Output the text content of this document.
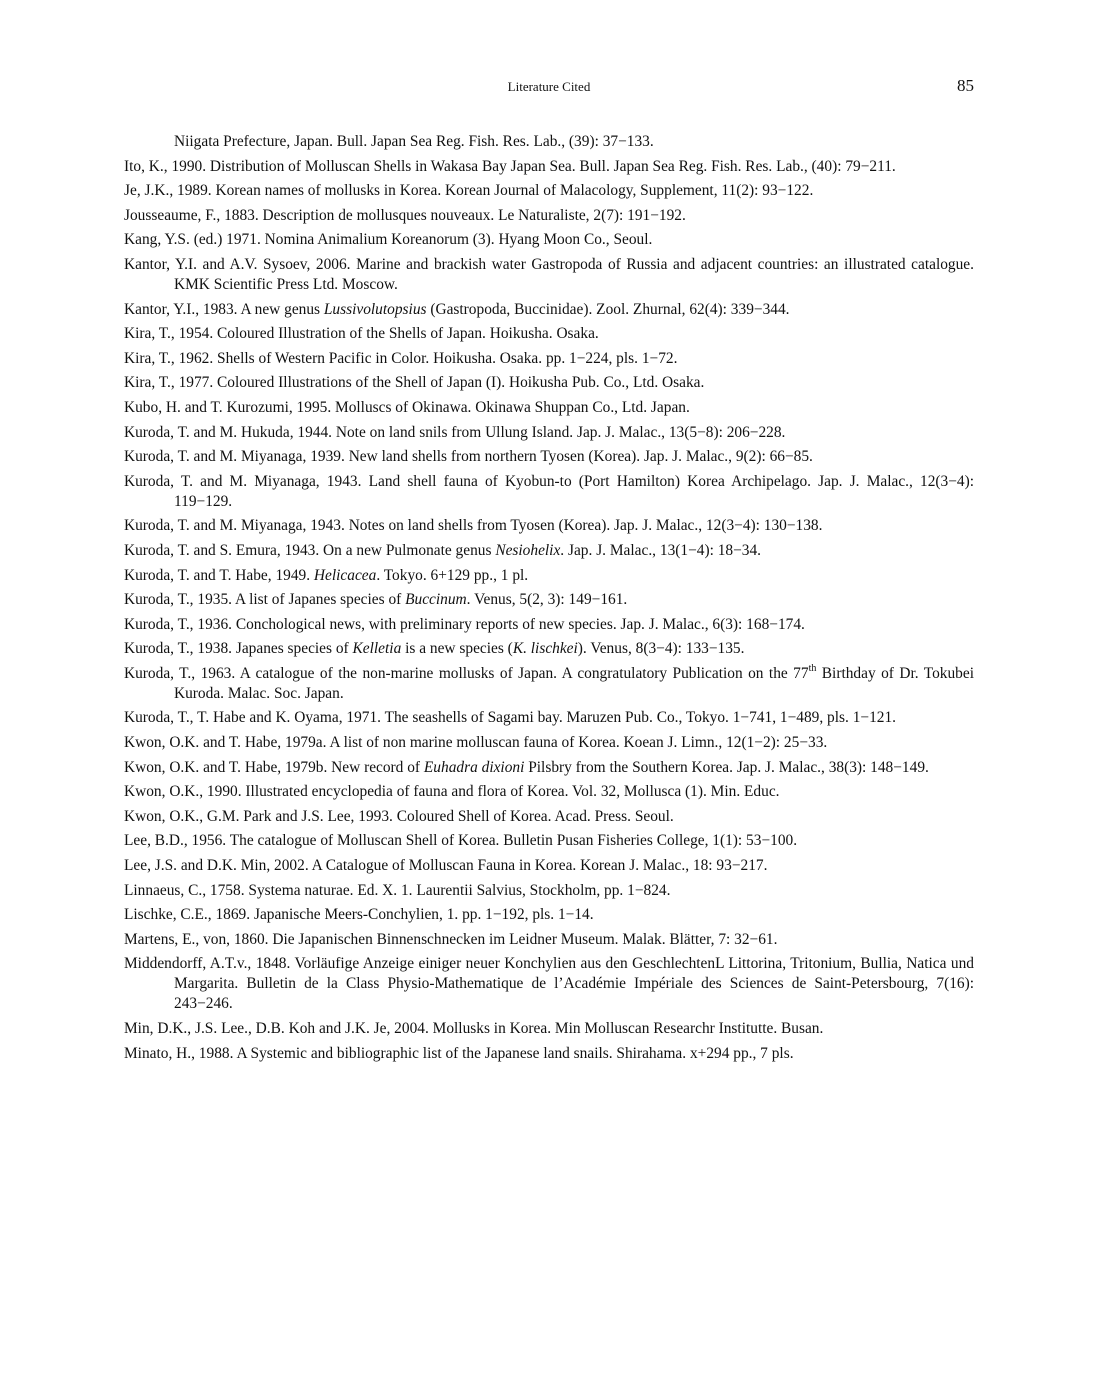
Literature Cited	85

Niigata Prefecture, Japan. Bull. Japan Sea Reg. Fish. Res. Lab., (39): 37−133.

Ito, K., 1990. Distribution of Molluscan Shells in Wakasa Bay Japan Sea. Bull. Japan Sea Reg. Fish. Res. Lab., (40): 79−211.

Je, J.K., 1989. Korean names of mollusks in Korea. Korean Journal of Malacology, Supplement, 11(2): 93−122.

Jousseaume, F., 1883. Description de mollusques nouveaux. Le Naturaliste, 2(7): 191−192.

Kang, Y.S. (ed.) 1971. Nomina Animalium Koreanorum (3). Hyang Moon Co., Seoul.

Kantor, Y.I. and A.V. Sysoev, 2006. Marine and brackish water Gastropoda of Russia and adjacent countries: an illustrated catalogue. KMK Scientific Press Ltd. Moscow.

Kantor, Y.I., 1983. A new genus Lussivolutopsius (Gastropoda, Buccinidae). Zool. Zhurnal, 62(4): 339−344.

Kira, T., 1954. Coloured Illustration of the Shells of Japan. Hoikusha. Osaka.

Kira, T., 1962. Shells of Western Pacific in Color. Hoikusha. Osaka. pp. 1−224, pls. 1−72.

Kira, T., 1977. Coloured Illustrations of the Shell of Japan (I). Hoikusha Pub. Co., Ltd. Osaka.

Kubo, H. and T. Kurozumi, 1995. Molluscs of Okinawa. Okinawa Shuppan Co., Ltd. Japan.

Kuroda, T. and M. Hukuda, 1944. Note on land snils from Ullung Island. Jap. J. Malac., 13(5−8): 206−228.

Kuroda, T. and M. Miyanaga, 1939. New land shells from northern Tyosen (Korea). Jap. J. Malac., 9(2): 66−85.

Kuroda, T. and M. Miyanaga, 1943. Land shell fauna of Kyobun-to (Port Hamilton) Korea Archipelago. Jap. J. Malac., 12(3−4): 119−129.

Kuroda, T. and M. Miyanaga, 1943. Notes on land shells from Tyosen (Korea). Jap. J. Malac., 12(3−4): 130−138.

Kuroda, T. and S. Emura, 1943. On a new Pulmonate genus Nesiohelix. Jap. J. Malac., 13(1−4): 18−34.

Kuroda, T. and T. Habe, 1949. Helicacea. Tokyo. 6+129 pp., 1 pl.

Kuroda, T., 1935. A list of Japanes species of Buccinum. Venus, 5(2, 3): 149−161.

Kuroda, T., 1936. Conchological news, with preliminary reports of new species. Jap. J. Malac., 6(3): 168−174.

Kuroda, T., 1938. Japanes species of Kelletia is a new species (K. lischkei). Venus, 8(3−4): 133−135.

Kuroda, T., 1963. A catalogue of the non-marine mollusks of Japan. A congratulatory Publication on the 77th Birthday of Dr. Tokubei Kuroda. Malac. Soc. Japan.

Kuroda, T., T. Habe and K. Oyama, 1971. The seashells of Sagami bay. Maruzen Pub. Co., Tokyo. 1−741, 1−489, pls. 1−121.

Kwon, O.K. and T. Habe, 1979a. A list of non marine molluscan fauna of Korea. Koean J. Limn., 12(1−2): 25−33.

Kwon, O.K. and T. Habe, 1979b. New record of Euhadra dixioni Pilsbry from the Southern Korea. Jap. J. Malac., 38(3): 148−149.

Kwon, O.K., 1990. Illustrated encyclopedia of fauna and flora of Korea. Vol. 32, Mollusca (1). Min. Educ.

Kwon, O.K., G.M. Park and J.S. Lee, 1993. Coloured Shell of Korea. Acad. Press. Seoul.

Lee, B.D., 1956. The catalogue of Molluscan Shell of Korea. Bulletin Pusan Fisheries College, 1(1): 53−100.

Lee, J.S. and D.K. Min, 2002. A Catalogue of Molluscan Fauna in Korea. Korean J. Malac., 18: 93−217.

Linnaeus, C., 1758. Systema naturae. Ed. X. 1. Laurentii Salvius, Stockholm, pp. 1−824.

Lischke, C.E., 1869. Japanische Meers-Conchylien, 1. pp. 1−192, pls. 1−14.

Martens, E., von, 1860. Die Japanischen Binnenschnecken im Leidner Museum. Malak. Blätter, 7: 32−61.

Middendorff, A.T.v., 1848. Vorläufige Anzeige einiger neuer Konchylien aus den GeschlechtenL Littorina, Tritonium, Bullia, Natica und Margarita. Bulletin de la Class Physio-Mathematique de l’Académie Impériale des Sciences de Saint-Petersbourg, 7(16): 243−246.

Min, D.K., J.S. Lee., D.B. Koh and J.K. Je, 2004. Mollusks in Korea. Min Molluscan Researchr Institutte. Busan.

Minato, H., 1988. A Systemic and bibliographic list of the Japanese land snails. Shirahama. x+294 pp., 7 pls.
